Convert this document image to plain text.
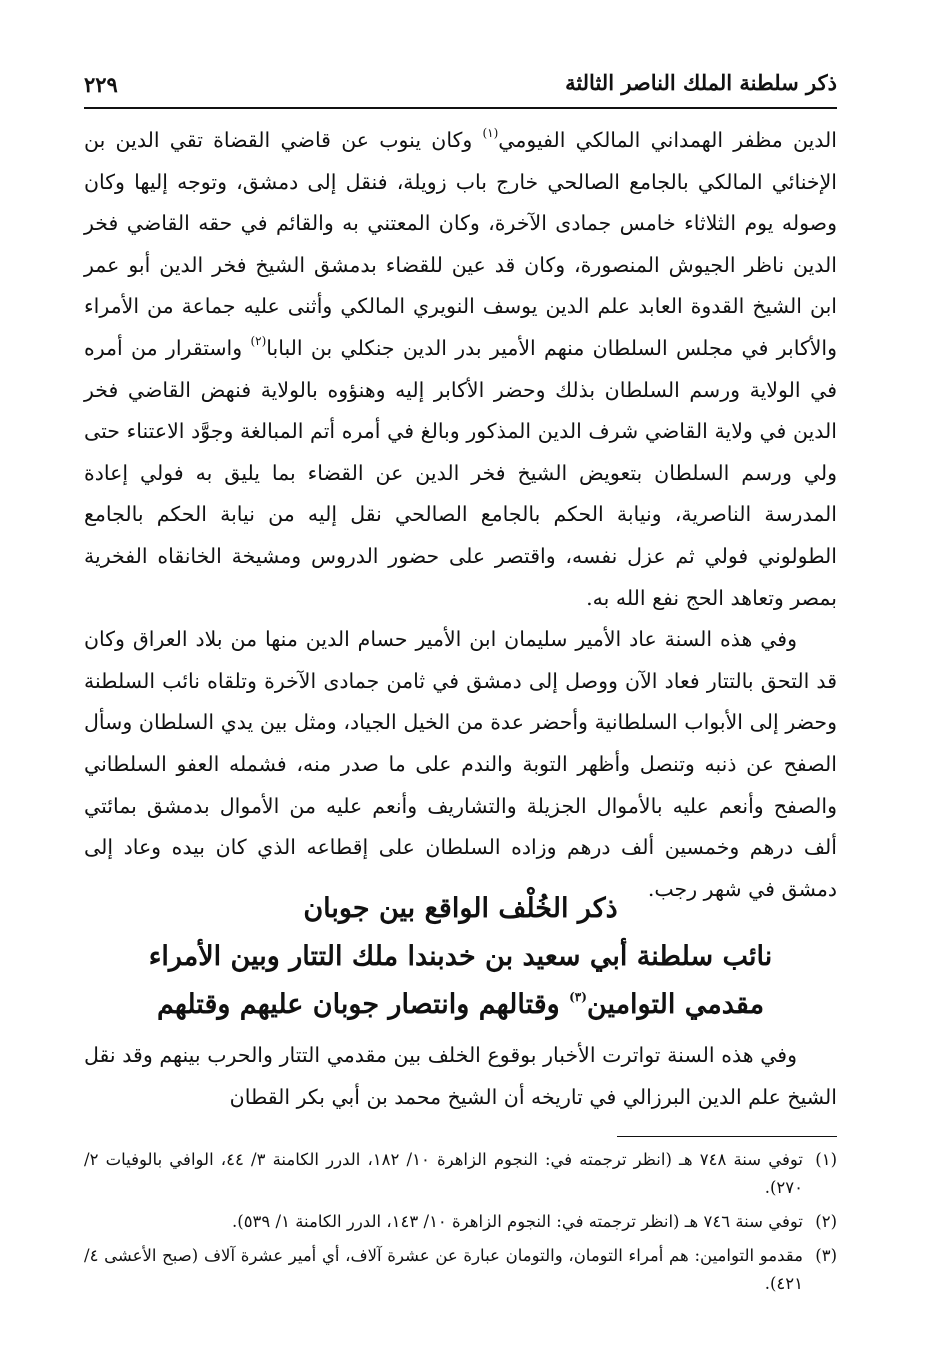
ذكر سلطنة الملك الناصر الثالثة
٢٢٩

الدين مظفر الهمداني المالكي الفيومي$^{(١)}$ وكان ينوب عن قاضي القضاة تقي الدين بن الإخنائي المالكي بالجامع الصالحي خارج باب زويلة، فنقل إلى دمشق، وتوجه إليها وكان وصوله يوم الثلاثاء خامس جمادى الآخرة، وكان المعتني به والقائم في حقه القاضي فخر الدين ناظر الجيوش المنصورة، وكان قد عين للقضاء بدمشق الشيخ فخر الدين أبو عمر ابن الشيخ القدوة العابد علم الدين يوسف النويري المالكي وأثنى عليه جماعة من الأمراء والأكابر في مجلس السلطان منهم الأمير بدر الدين جنكلي بن البابا$^{(٢)}$ واستقرار من أمره في الولاية ورسم السلطان بذلك وحضر الأكابر إليه وهنؤوه بالولاية فنهض القاضي فخر الدين في ولاية القاضي شرف الدين المذكور وبالغ في أمره أتم المبالغة وجوَّد الاعتناء حتى ولي ورسم السلطان بتعويض الشيخ فخر الدين عن القضاء بما يليق به فولي إعادة المدرسة الناصرية، ونيابة الحكم بالجامع الصالحي نقل إليه من نيابة الحكم بالجامع الطولوني فولي ثم عزل نفسه، واقتصر على حضور الدروس ومشيخة الخانقاه الفخرية بمصر وتعاهد الحج نفع الله به.

وفي هذه السنة عاد الأمير سليمان ابن الأمير حسام الدين منها من بلاد العراق وكان قد التحق بالتتار فعاد الآن ووصل إلى دمشق في ثامن جمادى الآخرة وتلقاه نائب السلطنة وحضر إلى الأبواب السلطانية وأحضر عدة من الخيل الجياد، ومثل بين يدي السلطان وسأل الصفح عن ذنبه وتنصل وأظهر التوبة والندم على ما صدر منه، فشمله العفو السلطاني والصفح وأنعم عليه بالأموال الجزيلة والتشاريف وأنعم عليه من الأموال بدمشق بمائتي ألف درهم وخمسين ألف درهم وزاده السلطان على إقطاعه الذي كان بيده وعاد إلى دمشق في شهر رجب.

ذكر الخُلْف الواقع بين جوبان

نائب سلطنة أبي سعيد بن خدبندا ملك التتار وبين الأمراء

مقدمي التوامين$^{(٣)}$ وقتالهم وانتصار جوبان عليهم وقتلهم

وفي هذه السنة تواترت الأخبار بوقوع الخلف بين مقدمي التتار والحرب بينهم وقد نقل الشيخ علم الدين البرزالي في تاريخه أن الشيخ محمد بن أبي بكر القطان

(١)
توفي سنة ٧٤٨ هـ (انظر ترجمته في: النجوم الزاهرة ١٠/ ١٨٢، الدرر الكامنة ٣/ ٤٤، الوافي بالوفيات ٢/ ٢٧٠).
(٢)
توفي سنة ٧٤٦ هـ (انظر ترجمته في: النجوم الزاهرة ١٠/ ١٤٣، الدرر الكامنة ١/ ٥٣٩).
(٣)
مقدمو التوامين: هم أمراء التومان، والتومان عبارة عن عشرة آلاف، أي أمير عشرة آلاف (صبح الأعشى ٤/ ٤٢١).
